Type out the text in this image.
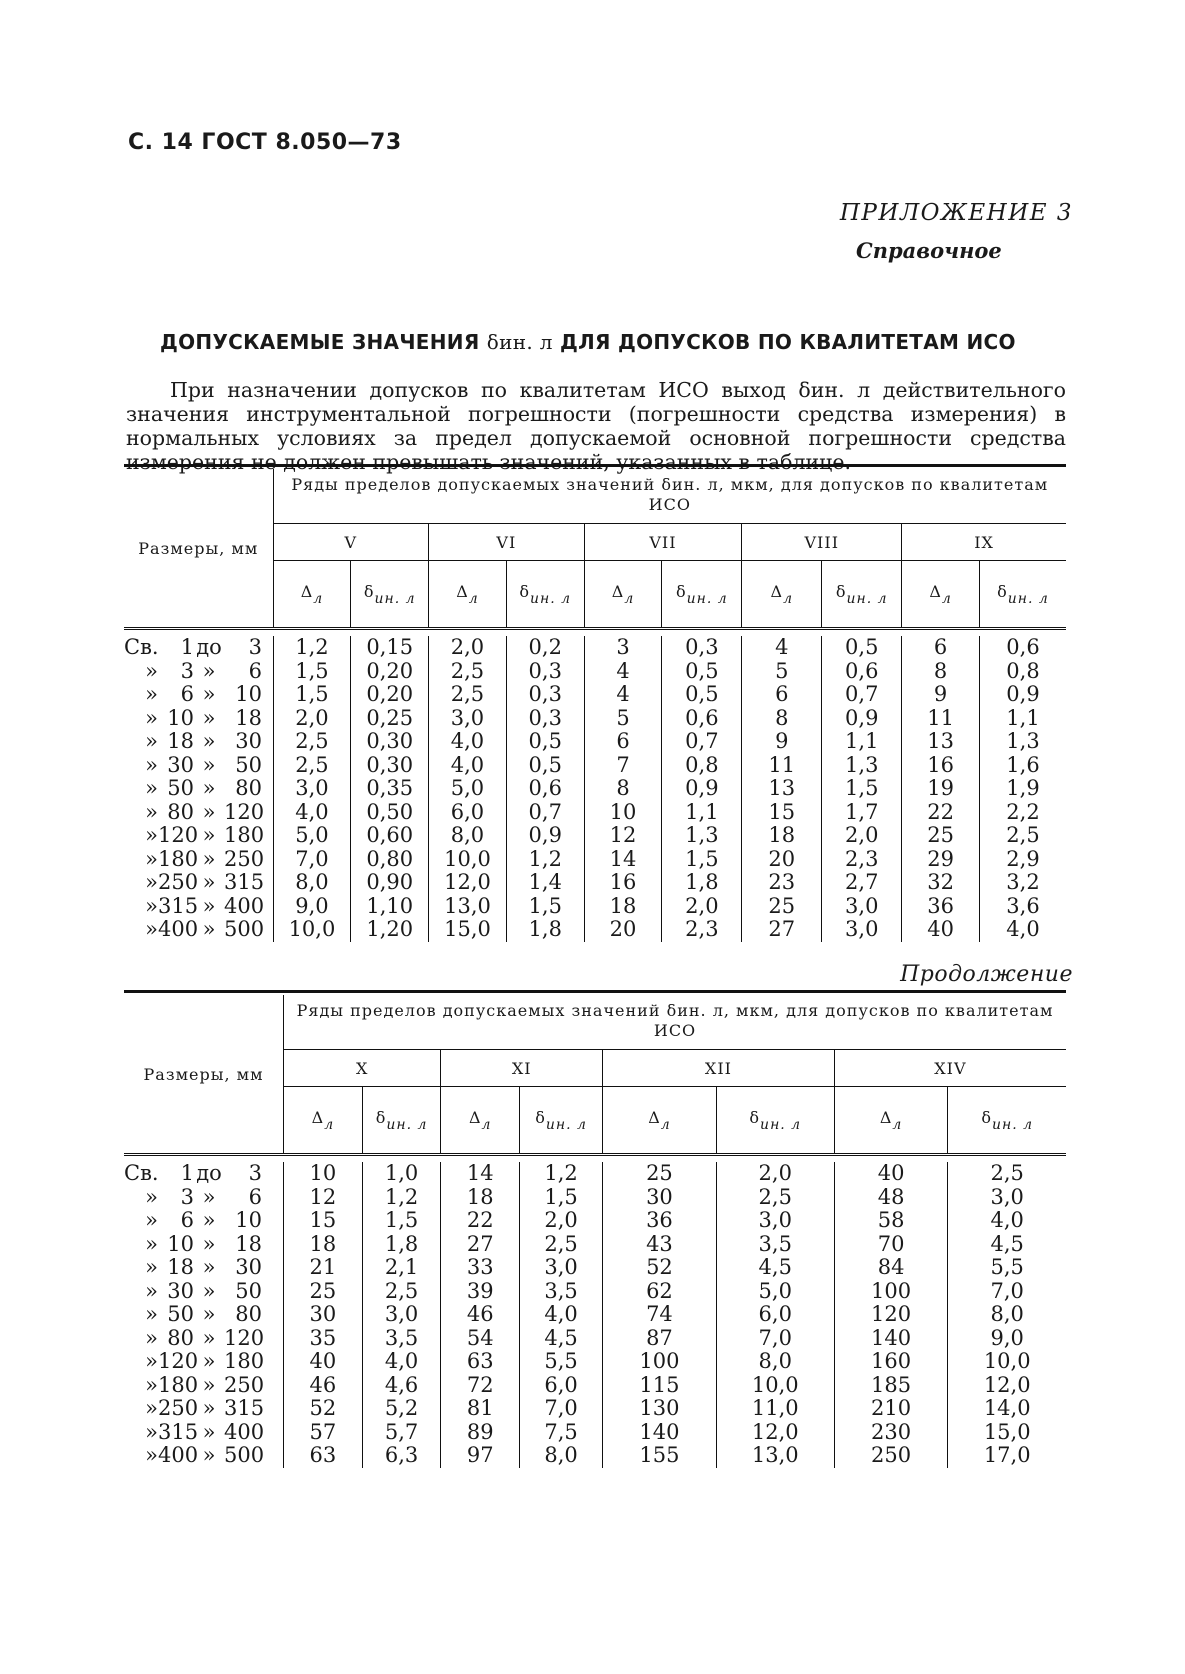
С. 14 ГОСТ 8.050—73
ПРИЛОЖЕНИЕ 3
Справочное
ДОПУСКАЕМЫЕ ЗНАЧЕНИЯ δин. л ДЛЯ ДОПУСКОВ ПО КВАЛИТЕТАМ ИСО
При назначении допусков по квалитетам ИСО выход δин. л действительного значения инструментальной погрешности (погрешности средства измерения) в нормальных условиях за предел допускаемой основной погрешности средства измерения не должен превышать значений, указанных в таблице.

Размеры, мм	Ряды пределов допускаемых значений δин. л, мкм, для допусков по квалитетам ИСО									
	V		VI		VII		VIII		IX	
	$\Delta_л$	$\delta_{ин. л}$	$\Delta_л$	$\delta_{ин. л}$	$\Delta_л$	$\delta_{ин. л}$	$\Delta_л$	$\delta_{ин. л}$	$\Delta_л$	$\delta_{ин. л}$

Св. 1 до 3	1,2	0,15	2,0	0,2	3	0,3	4	0,5	6	0,6

» 3 » 6	1,5	0,20	2,5	0,3	4	0,5	5	0,6	8	0,8

» 6 » 10	1,5	0,20	2,5	0,3	4	0,5	6	0,7	9	0,9

» 10 » 18	2,0	0,25	3,0	0,3	5	0,6	8	0,9	11	1,1

» 18 » 30	2,5	0,30	4,0	0,5	6	0,7	9	1,1	13	1,3

» 30 » 50	2,5	0,30	4,0	0,5	7	0,8	11	1,3	16	1,6

» 50 » 80	3,0	0,35	5,0	0,6	8	0,9	13	1,5	19	1,9

» 80 » 120	4,0	0,50	6,0	0,7	10	1,1	15	1,7	22	2,2

» 120 » 180	5,0	0,60	8,0	0,9	12	1,3	18	2,0	25	2,5

» 180 » 250	7,0	0,80	10,0	1,2	14	1,5	20	2,3	29	2,9

» 250 » 315	8,0	0,90	12,0	1,4	16	1,8	23	2,7	32	3,2

» 315 » 400	9,0	1,10	13,0	1,5	18	2,0	25	3,0	36	3,6

» 400 » 500	10,0	1,20	15,0	1,8	20	2,3	27	3,0	40	4,0
Продолжение

Размеры, мм	Ряды пределов допускаемых значений δин. л, мкм, для допусков по квалитетам ИСО							
	X		XI		XII		XIV	
	$\Delta_л$	$\delta_{ин. л}$	$\Delta_л$	$\delta_{ин. л}$	$\Delta_л$	$\delta_{ин. л}$	$\Delta_л$	$\delta_{ин. л}$

Св. 1 до 3	10	1,0	14	1,2	25	2,0	40	2,5

» 3 » 6	12	1,2	18	1,5	30	2,5	48	3,0

» 6 » 10	15	1,5	22	2,0	36	3,0	58	4,0

» 10 » 18	18	1,8	27	2,5	43	3,5	70	4,5

» 18 » 30	21	2,1	33	3,0	52	4,5	84	5,5

» 30 » 50	25	2,5	39	3,5	62	5,0	100	7,0

» 50 » 80	30	3,0	46	4,0	74	6,0	120	8,0

» 80 » 120	35	3,5	54	4,5	87	7,0	140	9,0

» 120 » 180	40	4,0	63	5,5	100	8,0	160	10,0

» 180 » 250	46	4,6	72	6,0	115	10,0	185	12,0

» 250 » 315	52	5,2	81	7,0	130	11,0	210	14,0

» 315 » 400	57	5,7	89	7,5	140	12,0	230	15,0

» 400 » 500	63	6,3	97	8,0	155	13,0	250	17,0
